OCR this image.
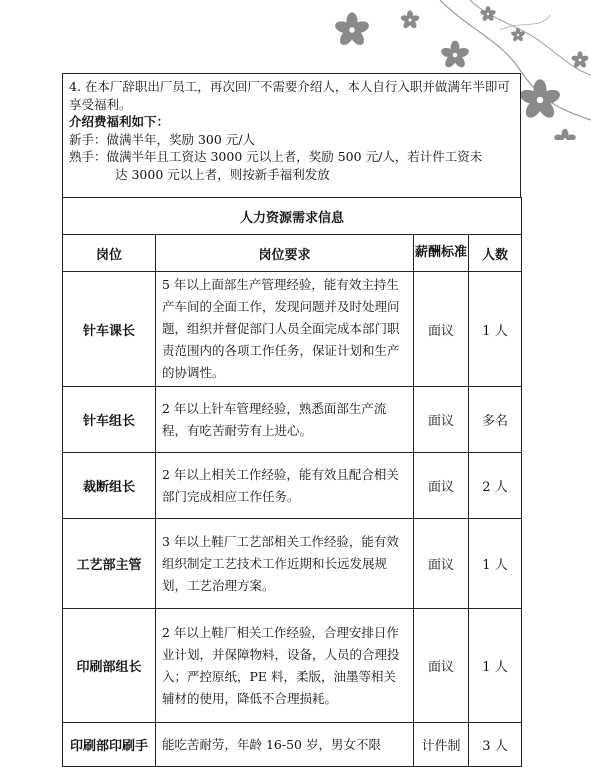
4. 在本厂辞职出厂员工，再次回厂不需要介绍人，本人自行入职并做满年半即可享受福利。

介绍费福利如下：

新手：做满半年，奖励 300 元/人

熟手：做满半年且工资达 3000 元以上者，奖励 500 元/人，若计件工资未

达 3000 元以上者，则按新手福利发放

人力资源需求信息			
岗位	岗位要求	薪酬标准	人数
针车课长	5 年以上面部生产管理经验，能有效主持生产车间的全面工作，发现问题并及时处理问题，组织并督促部门人员全面完成本部门职责范围内的各项工作任务，保证计划和生产的协调性。	面议	1 人
针车组长	2 年以上针车管理经验，熟悉面部生产流程，有吃苦耐劳有上进心。	面议	多名
裁断组长	2 年以上相关工作经验，能有效且配合相关部门完成相应工作任务。	面议	2 人
工艺部主管	3 年以上鞋厂工艺部相关工作经验，能有效组织制定工艺技术工作近期和长远发展规划，工艺治理方案。	面议	1 人
印刷部组长	2 年以上鞋厂相关工作经验，合理安排日作业计划，并保障物料，设备，人员的合理投入；严控原纸，PE 料，柔版，油墨等相关辅材的使用，降低不合理损耗。	面议	1 人
印刷部印刷手	能吃苦耐劳，年龄 16-50 岁，男女不限	计件制	3 人
